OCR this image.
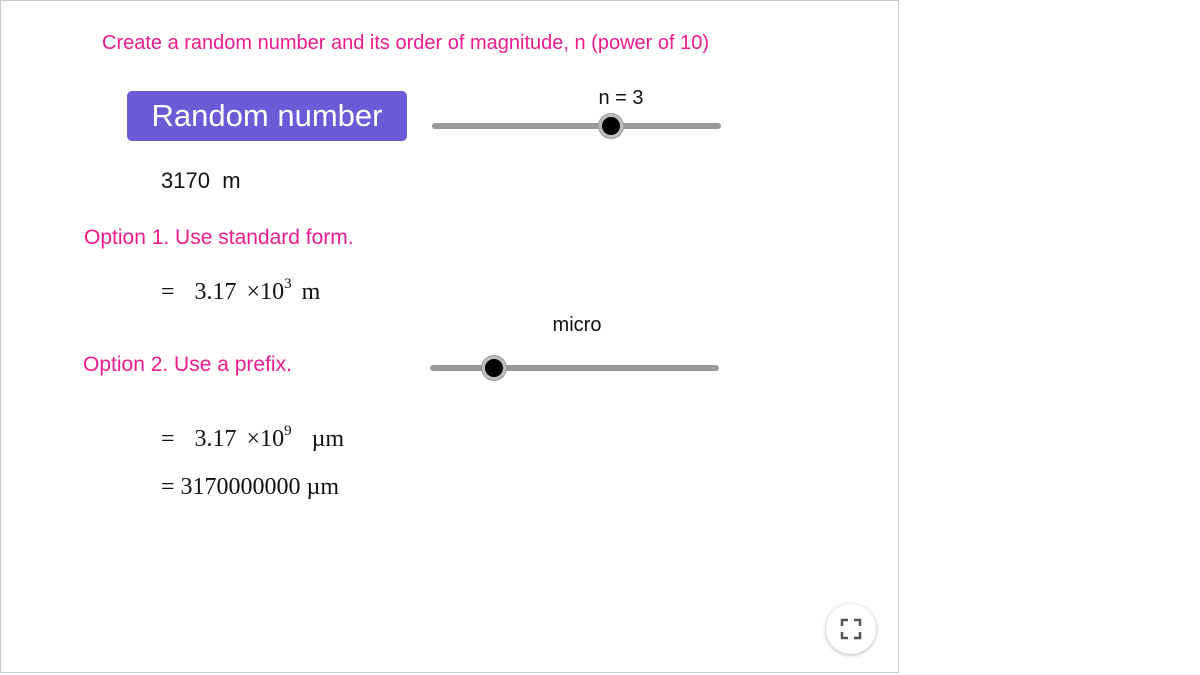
Create a random number and its order of magnitude, n (power of 10)
Random number	n = 3
3170 m
Option 1. Use standard form.
= $3.17 \times 10^3$ m
micro
Option 2. Use a prefix.
= $3.17 \times 10^9$ µm
= 3170000000 µm
